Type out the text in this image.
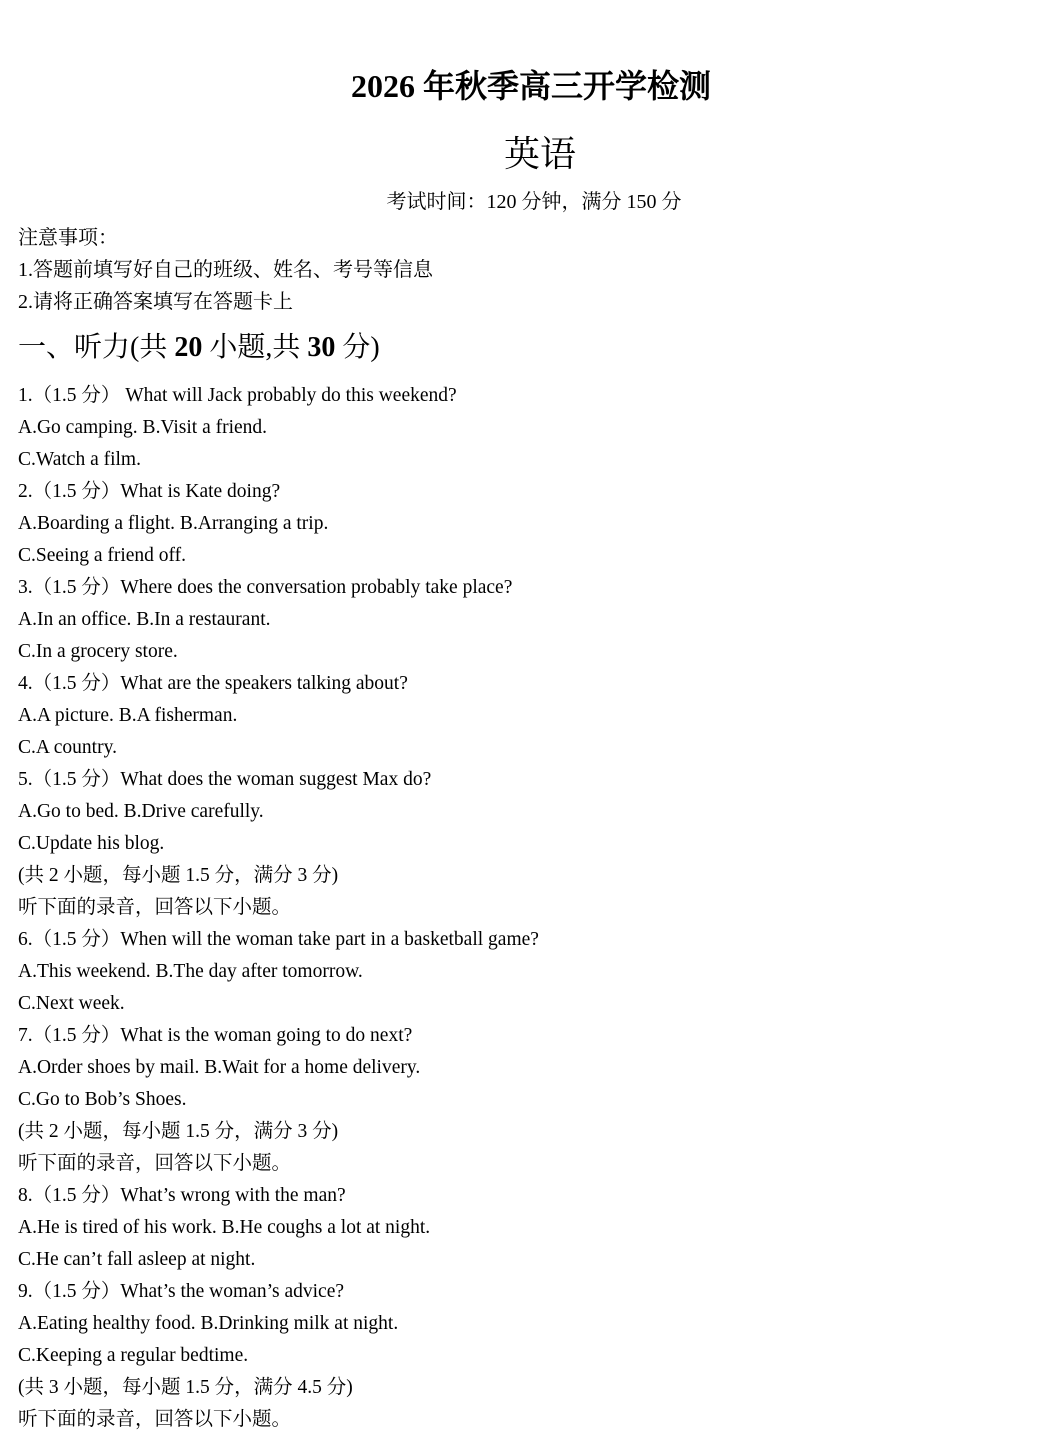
2026 年秋季高三开学检测
英语
考试时间：120 分钟，满分 150 分
注意事项：
1.答题前填写好自己的班级、姓名、考号等信息
2.请将正确答案填写在答题卡上
一、听力(共 20 小题,共 30 分)
1.（1.5 分） What will Jack probably do this weekend?
A.Go camping. B.Visit a friend.
C.Watch a film.
2.（1.5 分）What is Kate doing?
A.Boarding a flight. B.Arranging a trip.
C.Seeing a friend off.
3.（1.5 分）Where does the conversation probably take place?
A.In an office. B.In a restaurant.
C.In a grocery store.
4.（1.5 分）What are the speakers talking about?
A.A picture. B.A fisherman.
C.A country.
5.（1.5 分）What does the woman suggest Max do?
A.Go to bed. B.Drive carefully.
C.Update his blog.
(共 2 小题，每小题 1.5 分，满分 3 分)
听下面的录音，回答以下小题。
6.（1.5 分）When will the woman take part in a basketball game?
A.This weekend. B.The day after tomorrow.
C.Next week.
7.（1.5 分）What is the woman going to do next?
A.Order shoes by mail. B.Wait for a home delivery.
C.Go to Bob’s Shoes.
(共 2 小题，每小题 1.5 分，满分 3 分)
听下面的录音，回答以下小题。
8.（1.5 分）What’s wrong with the man?
A.He is tired of his work. B.He coughs a lot at night.
C.He can’t fall asleep at night.
9.（1.5 分）What’s the woman’s advice?
A.Eating healthy food. B.Drinking milk at night.
C.Keeping a regular bedtime.
(共 3 小题，每小题 1.5 分，满分 4.5 分)
听下面的录音，回答以下小题。
